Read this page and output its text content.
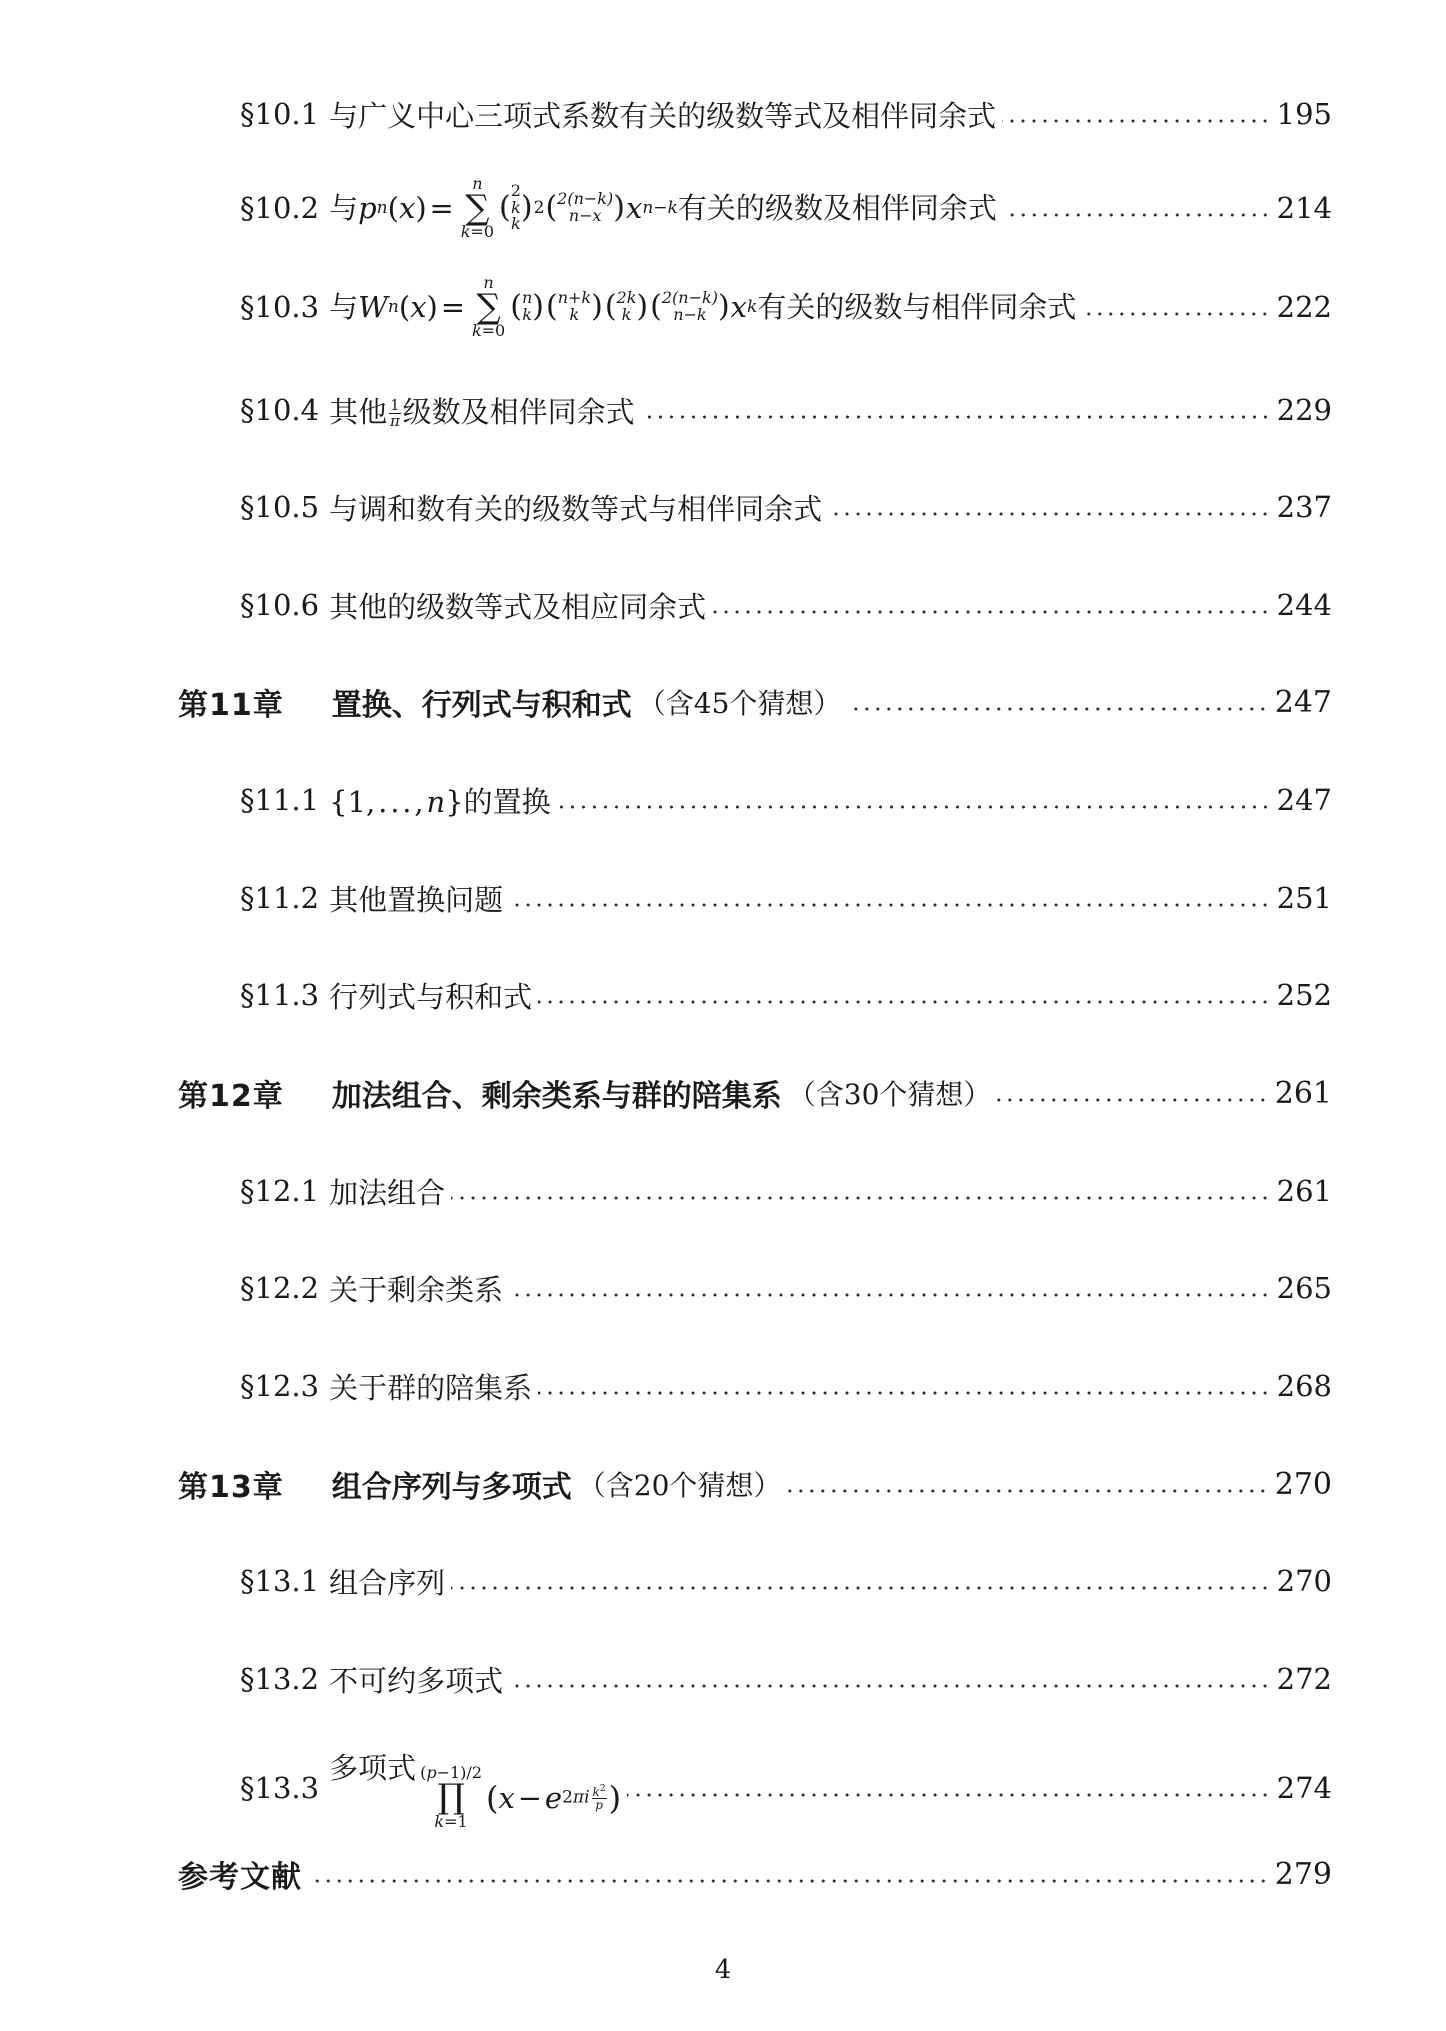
§10.1 与广义中心三项式系数有关的级数等式及相伴同余式	195
§10.2 与p n ( x ) = 
n
∑
k=0
( 2
k
k ) 2 ( 2(n−k)
n−x ) x n−k 有关的级数及相伴同余式	214
§10.3 与W n ( x ) = 
n
∑
k=0
( n
k ) ( n+k
k ) ( 2k
k ) ( 2(n−k)
n−k ) x k 有关的级数与相伴同余式	222
§10.4 其他 $\frac{1}{\pi}$ 级数及相伴同余式	229
§10.5 与调和数有关的级数等式与相伴同余式	237
§10.6 其他的级数等式及相应同余式	244
第11章 置换、行列式与积和式 （含45个猜想）	247
§11.1 {1, . . . ,  n } 的置换	247
§11.2 其他置换问题	251
§11.3 行列式与积和式	252
第12章 加法组合、剩余类系与群的陪集系 （含30个猜想）	261
§12.1 加法组合	261
§12.2 关于剩余类系	265
§12.3 关于群的陪集系	268
第13章 组合序列与多项式 （含20个猜想）	270
§13.1 组合序列	270
§13.2 不可约多项式	272
§13.3
多项式 (p−1)/2
∏
k=1
( x  −  e $2\pi i \frac{k^2}{p}$ )	274
参考文献	279
4
